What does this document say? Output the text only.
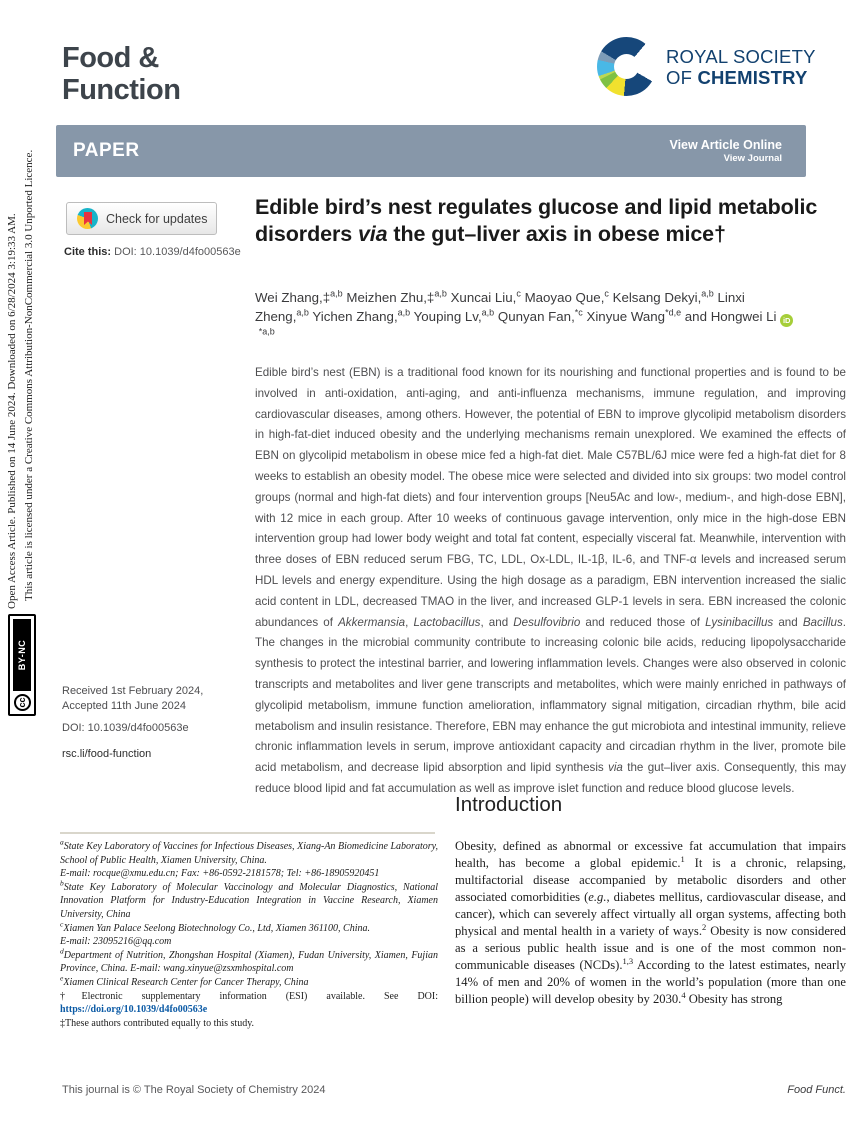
Open Access Article. Published on 14 June 2024. Downloaded on 6/28/2024 3:19:33 AM. This article is licensed under a Creative Commons Attribution-NonCommercial 3.0 Unported Licence.
cc
BY-NC
Food &
Function
ROYAL SOCIETY
OF CHEMISTRY
PAPER	View Article Online
View Journal
Check for updates
Cite this: DOI: 10.1039/d4fo00563e
Edible bird’s nest regulates glucose and lipid metabolic disorders via the gut–liver axis in obese mice†

Wei Zhang,‡$^{a,b}$ Meizhen Zhu,‡$^{a,b}$ Xuncai Liu,$^c$ Maoyao Que,$^c$ Kelsang Dekyi,$^{a,b}$ Linxi Zheng,$^{a,b}$ Yichen Zhang,$^{a,b}$ Youping Lv,$^{a,b}$ Qunyan Fan,$^{*c}$ Xinyue Wang$^{*d,e}$ and Hongwei Li iD $^{*a,b}$

Edible bird’s nest (EBN) is a traditional food known for its nourishing and functional properties and is found to be involved in anti-oxidation, anti-aging, and anti-influenza mechanisms, immune regulation, and improving cardiovascular diseases, among others. However, the potential of EBN to improve glycolipid metabolism disorders in high-fat-diet induced obesity and the underlying mechanisms remain unexplored. We examined the effects of EBN on glycolipid metabolism in obese mice fed a high-fat diet. Male C57BL/6J mice were fed a high-fat diet for 8 weeks to establish an obesity model. The obese mice were selected and divided into six groups: two model control groups (normal and high-fat diets) and four intervention groups [Neu5Ac and low-, medium-, and high-dose EBN], with 12 mice in each group. After 10 weeks of continuous gavage intervention, only mice in the high-dose EBN intervention group had lower body weight and total fat content, especially visceral fat. Meanwhile, intervention with three doses of EBN reduced serum FBG, TC, LDL, Ox-LDL, IL-1β, IL-6, and TNF-α levels and increased serum HDL levels and energy expenditure. Using the high dosage as a paradigm, EBN intervention increased the sialic acid content in LDL, decreased TMAO in the liver, and increased GLP-1 levels in sera. EBN increased the colonic abundances of Akkermansia, Lactobacillus, and Desulfovibrio and reduced those of Lysinibacillus and Bacillus. The changes in the microbial community contribute to increasing colonic bile acids, reducing lipopolysaccharide synthesis to protect the intestinal barrier, and lowering inflammation levels. Changes were also observed in colonic transcripts and metabolites and liver gene transcripts and metabolites, which were mainly enriched in pathways of glycolipid metabolism, immune function amelioration, inflammatory signal mitigation, circadian rhythm, bile acid metabolism and insulin resistance. Therefore, EBN may enhance the gut microbiota and intestinal immunity, relieve chronic inflammation levels in serum, improve antioxidant capacity and circadian rhythm in the liver, promote bile acid metabolism, and decrease lipid absorption and lipid synthesis via the gut–liver axis. Consequently, this may reduce blood lipid and fat accumulation as well as improve islet function and reduce blood glucose levels.

Received 1st February 2024,
Accepted 11th June 2024
DOI: 10.1039/d4fo00563e
rsc.li/food-function
$^a$State Key Laboratory of Vaccines for Infectious Diseases, Xiang-An Biomedicine Laboratory, School of Public Health, Xiamen University, China.
E-mail: rocque@xmu.edu.cn; Fax: +86-0592-2181578; Tel: +86-18905920451
$^b$State Key Laboratory of Molecular Vaccinology and Molecular Diagnostics, National Innovation Platform for Industry-Education Integration in Vaccine Research, Xiamen University, China
$^c$Xiamen Yan Palace Seelong Biotechnology Co., Ltd, Xiamen 361100, China.
E-mail: 23095216@qq.com
$^d$Department of Nutrition, Zhongshan Hospital (Xiamen), Fudan University, Xiamen, Fujian Province, China. E-mail: wang.xinyue@zsxmhospital.com
$^e$Xiamen Clinical Research Center for Cancer Therapy, China
†Electronic supplementary information (ESI) available. See DOI: https://doi.org/10.1039/d4fo00563e
‡These authors contributed equally to this study.
Introduction

Obesity, defined as abnormal or excessive fat accumulation that impairs health, has become a global epidemic.$^1$ It is a chronic, relapsing, multifactorial disease accompanied by metabolic disorders and other associated comorbidities (e.g., diabetes mellitus, cardiovascular disease, and cancer), which can severely affect virtually all organ systems, affecting both physical and mental health in a variety of ways.$^2$ Obesity is now considered as a serious public health issue and is one of the most common non-communicable diseases (NCDs).$^{1,3}$ According to the latest estimates, nearly 14% of men and 20% of women in the world’s population (more than one billion people) will develop obesity by 2030.$^4$ Obesity has strong

This journal is © The Royal Society of Chemistry 2024	Food Funct.
